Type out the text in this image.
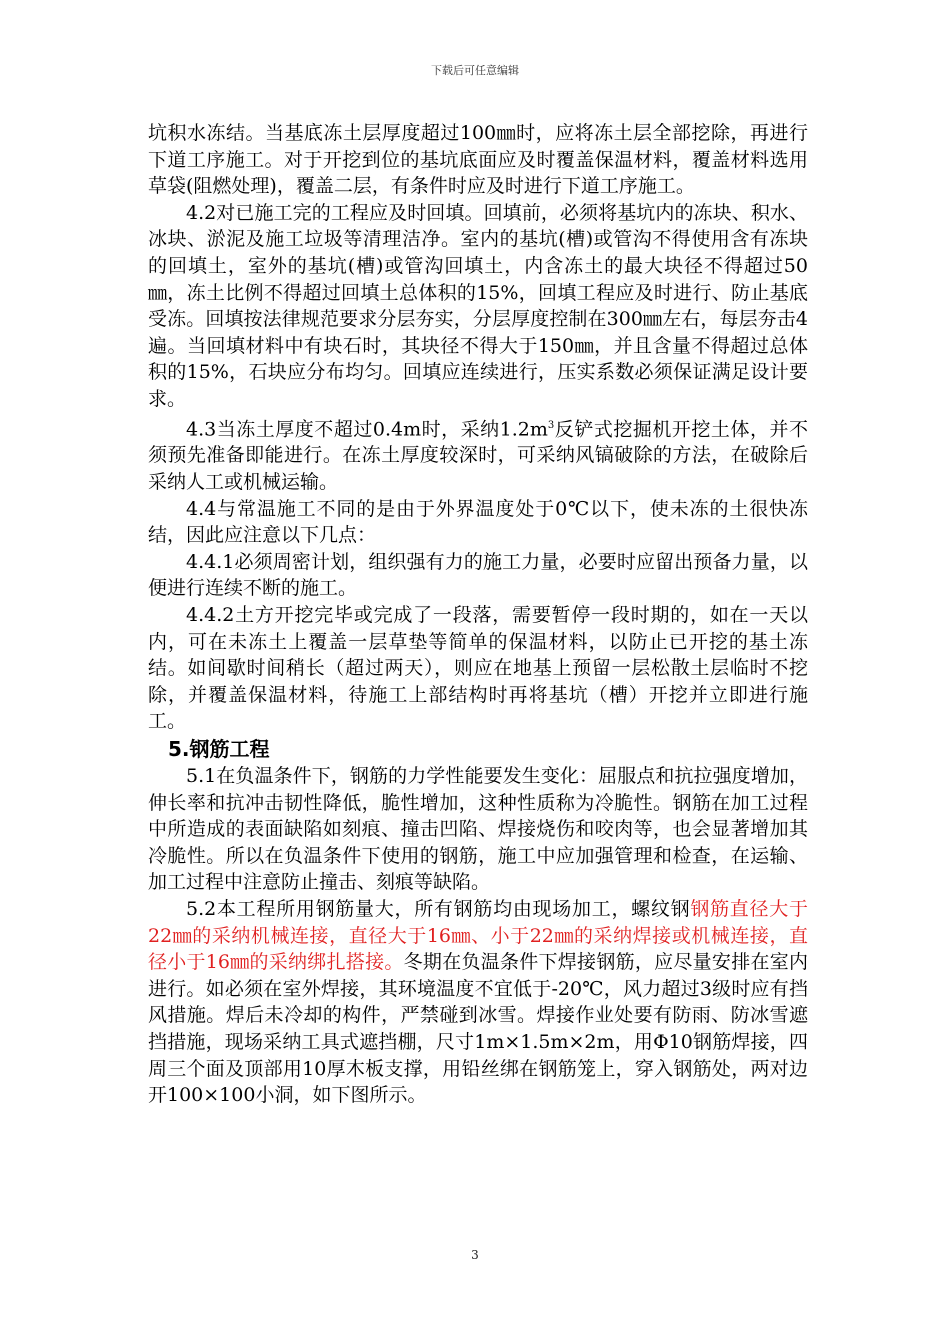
下载后可任意编辑

坑积水冻结。当基底冻土层厚度超过100㎜时，应将冻土层全部挖除，再进行下道工序施工。对于开挖到位的基坑底面应及时覆盖保温材料，覆盖材料选用草袋(阻燃处理)，覆盖二层，有条件时应及时进行下道工序施工。

4.2对已施工完的工程应及时回填。回填前，必须将基坑内的冻块、积水、冰块、淤泥及施工垃圾等清理洁净。室内的基坑(槽)或管沟不得使用含有冻块的回填土，室外的基坑(槽)或管沟回填土，内含冻土的最大块径不得超过50㎜，冻土比例不得超过回填土总体积的15%，回填工程应及时进行、防止基底受冻。回填按法律规范要求分层夯实，分层厚度控制在300㎜左右，每层夯击4遍。当回填材料中有块石时，其块径不得大于150㎜，并且含量不得超过总体积的15%，石块应分布均匀。回填应连续进行，压实系数必须保证满足设计要求。

4.3当冻土厚度不超过0.4m时，采纳$1.2m^3$反铲式挖掘机开挖土体，并不须预先准备即能进行。在冻土厚度较深时，可采纳风镐破除的方法，在破除后采纳人工或机械运输。

4.4与常温施工不同的是由于外界温度处于0℃以下，使未冻的土很快冻结，因此应注意以下几点：

4.4.1必须周密计划，组织强有力的施工力量，必要时应留出预备力量，以便进行连续不断的施工。

4.4.2土方开挖完毕或完成了一段落，需要暂停一段时期的，如在一天以内，可在未冻土上覆盖一层草垫等简单的保温材料，以防止已开挖的基土冻结。如间歇时间稍长（超过两天），则应在地基上预留一层松散土层临时不挖除，并覆盖保温材料，待施工上部结构时再将基坑（槽）开挖并立即进行施工。

5.钢筋工程

5.1在负温条件下，钢筋的力学性能要发生变化：屈服点和抗拉强度增加，伸长率和抗冲击韧性降低，脆性增加，这种性质称为冷脆性。钢筋在加工过程中所造成的表面缺陷如刻痕、撞击凹陷、焊接烧伤和咬肉等，也会显著增加其冷脆性。所以在负温条件下使用的钢筋，施工中应加强管理和检查，在运输、加工过程中注意防止撞击、刻痕等缺陷。

5.2本工程所用钢筋量大，所有钢筋均由现场加工，螺纹钢钢筋直径大于22㎜的采纳机械连接，直径大于16㎜、小于22㎜的采纳焊接或机械连接，直径小于16㎜的采纳绑扎搭接。冬期在负温条件下焊接钢筋，应尽量安排在室内进行。如必须在室外焊接，其环境温度不宜低于-20℃，风力超过3级时应有挡风措施。焊后未冷却的构件，严禁碰到冰雪。焊接作业处要有防雨、防冰雪遮挡措施，现场采纳工具式遮挡棚，尺寸1m×1.5m×2m，用Φ10钢筋焊接，四周三个面及顶部用10厚木板支撑，用铅丝绑在钢筋笼上，穿入钢筋处，两对边开100×100小洞，如下图所示。

3
